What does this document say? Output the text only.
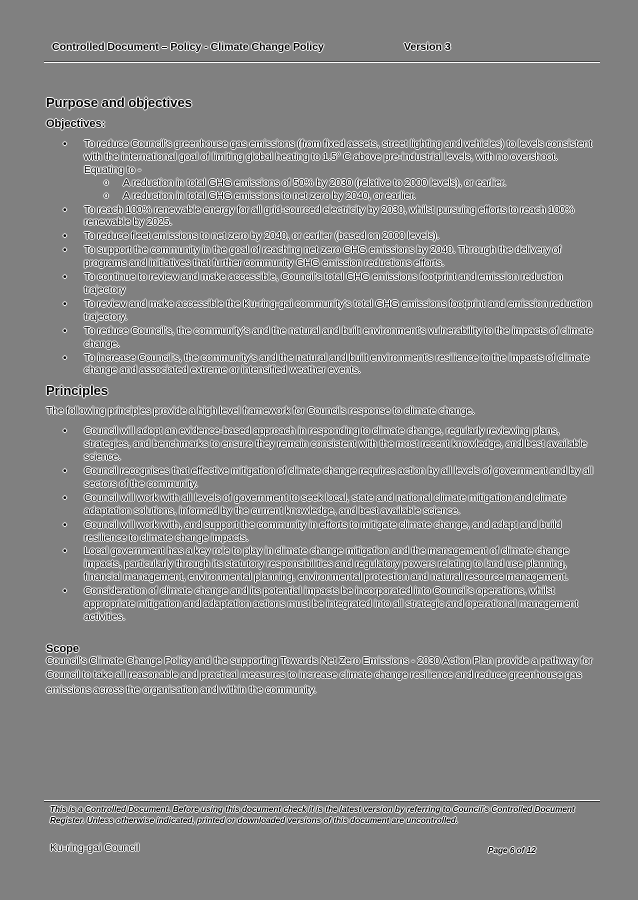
Controlled Document – Policy - Climate Change Policy	Version 3
Purpose and objectives
Objectives:
• To reduce Council's greenhouse gas emissions (from fixed assets, street lighting and vehicles) to levels consistent with the international goal of limiting global heating to 1.5° C above pre-industrial levels, with no overshoot. Equating to -
o A reduction in total GHG emissions of 50% by 2030 (relative to 2000 levels), or earlier.
o A reduction in total GHG emissions to net zero by 2040, or earlier.
• To reach 100% renewable energy for all grid-sourced electricity by 2030, whilst pursuing efforts to reach 100% renewable by 2025.
• To reduce fleet emissions to net zero by 2040, or earlier (based on 2000 levels).
• To support the community in the goal of reaching net zero GHG emissions by 2040. Through the delivery of programs and initiatives that further community GHG emission reductions efforts.
• To continue to review and make accessible, Council's total GHG emissions footprint and emission reduction trajectory
• To review and make accessible the Ku-ring-gai community's total GHG emissions footprint and emission reduction trajectory.
• To reduce Council's, the community's and the natural and built environment's vulnerability to the impacts of climate change.
• To increase Council's, the community's and the natural and built environment's resilience to the impacts of climate change and associated extreme or intensified weather events.
Principles

The following principles provide a high level framework for Councils response to climate change.

• Council will adopt an evidence-based approach in responding to climate change, regularly reviewing plans, strategies, and benchmarks to ensure they remain consistent with the most recent knowledge, and best available science.
• Council recognises that effective mitigation of climate change requires action by all levels of government and by all sectors of the community.
• Council will work with all levels of government to seek local, state and national climate mitigation and climate adaptation solutions, informed by the current knowledge, and best available science.
• Council will work with, and support the community in efforts to mitigate climate change, and adapt and build resilience to climate change impacts.
• Local government has a key role to play in climate change mitigation and the management of climate change impacts, particularly through its statutory responsibilities and regulatory powers relating to land use planning, financial management, environmental planning, environmental protection and natural resource management.
• Consideration of climate change and its potential impacts be incorporated into Council's operations, whilst appropriate mitigation and adaptation actions must be integrated into all strategic and operational management activities.
Scope

Council's Climate Change Policy and the supporting Towards Net Zero Emissions - 2030 Action Plan provide a pathway for Council to take all reasonable and practical measures to increase climate change resilience and reduce greenhouse gas emissions across the organisation and within the community.

This is a Controlled Document. Before using this document check it is the latest version by referring to Council's Controlled Document Register. Unless otherwise indicated, printed or downloaded versions of this document are uncontrolled.
Ku-ring-gai Council	Page 6 of 12
